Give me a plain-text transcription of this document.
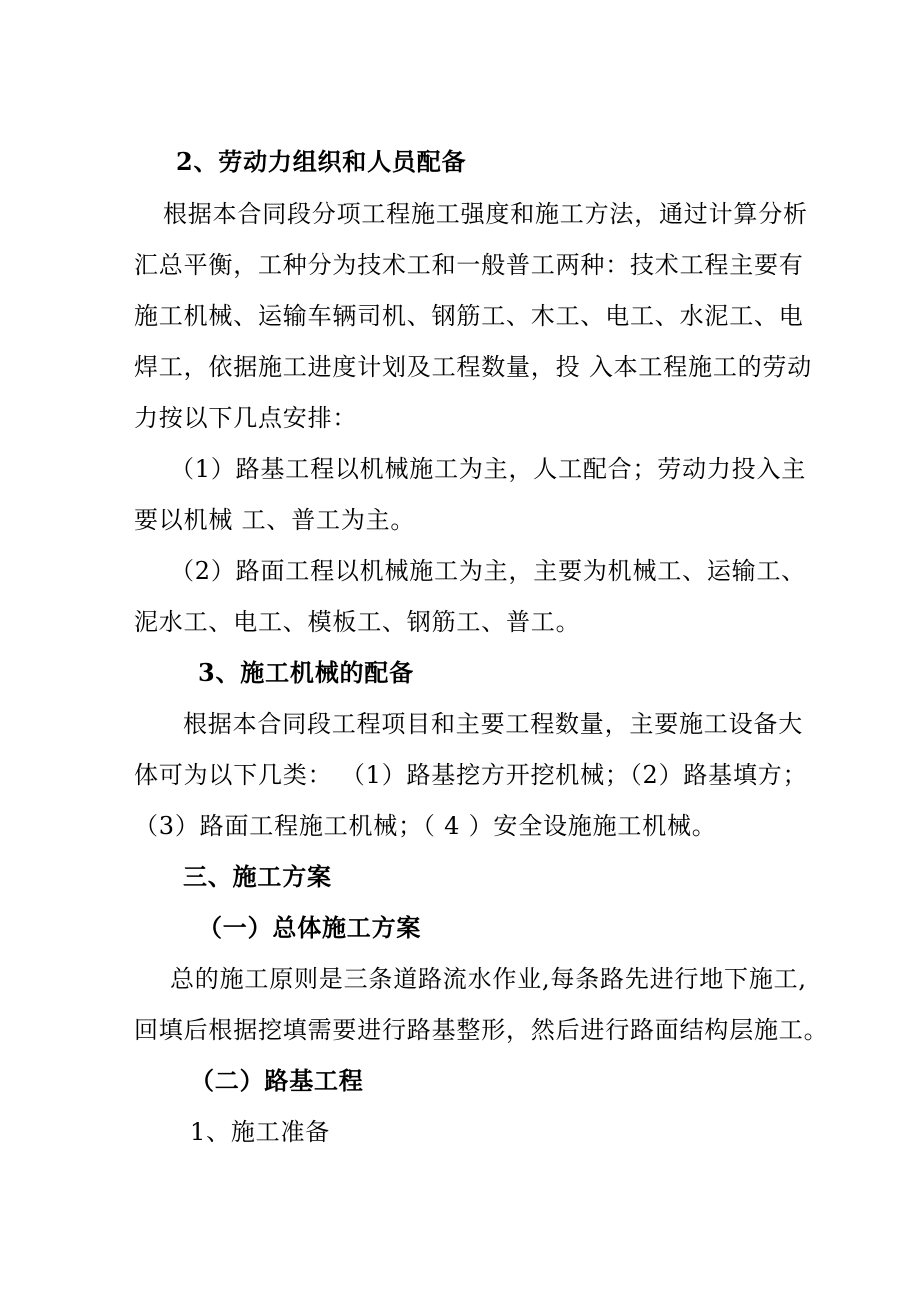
2、劳动力组织和人员配备
根据本合同段分项工程施工强度和施工方法，通过计算分析
汇总平衡，工种分为技术工和一般普工两种：技术工程主要有
施工机械、运输车辆司机、钢筋工、木工、电工、水泥工、电
焊工，依据施工进度计划及工程数量，投 入本工程施工的劳动
力按以下几点安排：
（1）路基工程以机械施工为主，人工配合；劳动力投入主
要以机械 工、普工为主。
（2）路面工程以机械施工为主，主要为机械工、运输工、
泥水工、电工、模板工、钢筋工、普工。
3、施工机械的配备
根据本合同段工程项目和主要工程数量，主要施工设备大
体可为以下几类： （1）路基挖方开挖机械；（2）路基填方；
（3）路面工程施工机械；（ 4 ）安全设施施工机械。
三、施工方案
（一）总体施工方案
总的施工原则是三条道路流水作业,每条路先进行地下施工,
回填后根据挖填需要进行路基整形，然后进行路面结构层施工。
（二）路基工程
1、施工准备
